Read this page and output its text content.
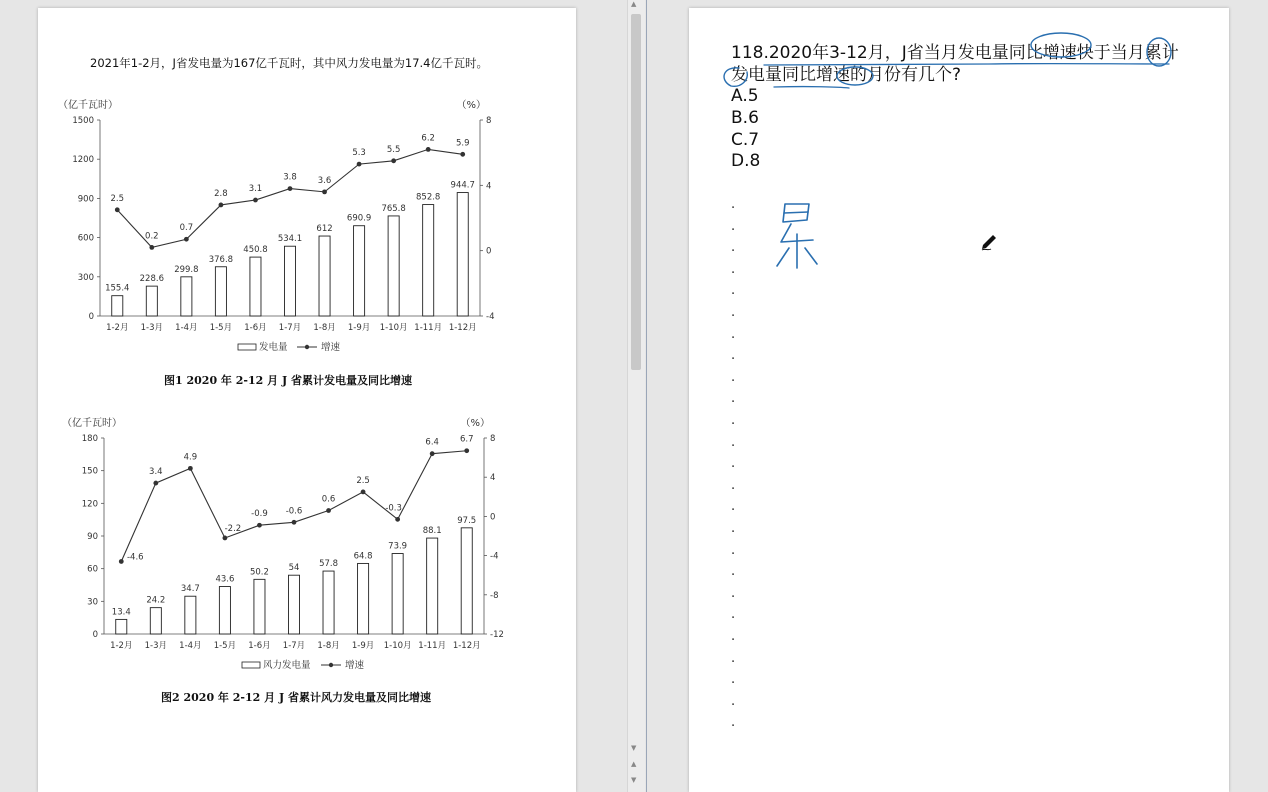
2021年1-2月，J省发电量为167亿千瓦时，其中风力发电量为17.4亿千瓦时。
（亿千瓦时）	（%）
0
300
600
900
1200
1500
-4
0
4
8
155.4
1-2月
228.6
1-3月
299.8
1-4月
376.8
1-5月
450.8
1-6月
534.1
1-7月
612
1-8月
690.9
1-9月
765.8
1-10月
852.8
1-11月
944.7
1-12月
2.5
0.2
0.7
2.8 3.1
3.8 3.6
5.3 5.5
6.2 5.9
发电量	增速
图1 2020 年 2-12 月 J 省累计发电量及同比增速
（亿千瓦时）	（%）
0
30
60
90
120
150
180
-12
-8
-4
0
4
8
13.4
1-2月
24.2
1-3月
34.7
1-4月
43.6
1-5月
50.2
1-6月
54
1-7月
57.8
1-8月
64.8
1-9月
73.9
1-10月
88.1
1-11月
97.5
1-12月
-4.6
3.4
4.9
-2.2
-0.9 -0.6
0.6
2.5
-0.3
6.4 6.7
风力发电量	增速
图2 2020 年 2-12 月 J 省累计风力发电量及同比增速
▲
▼
▲
▼
118.2020年3-12月，J省当月发电量同比增速快于当月累计发电量同比增速的月份有几个?
A.5
B.6
C.7
D.8
.
.
.
.
.
.
.
.
.
.
.
.
.
.
.
.
.
.
.
.
.
.
.
.
.
